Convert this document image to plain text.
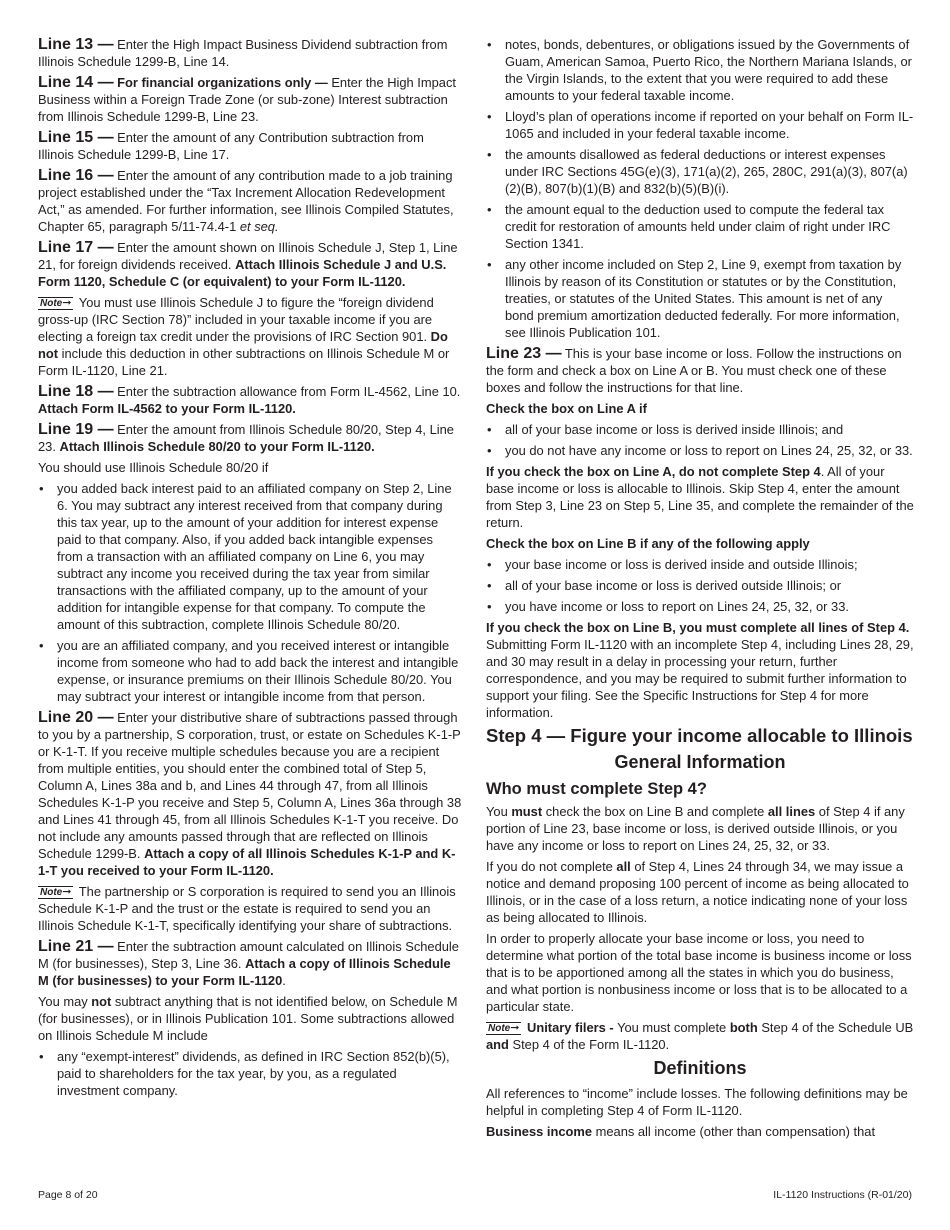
Line 13 — Enter the High Impact Business Dividend subtraction from Illinois Schedule 1299-B, Line 14.

Line 14 — For financial organizations only — Enter the High Impact Business within a Foreign Trade Zone (or sub-zone) Interest subtraction from Illinois Schedule 1299-B, Line 23.

Line 15 — Enter the amount of any Contribution subtraction from Illinois Schedule 1299-B, Line 17.

Line 16 — Enter the amount of any contribution made to a job training project established under the “Tax Increment Allocation Redevelopment Act,” as amended. For further information, see Illinois Compiled Statutes, Chapter 65, paragraph 5/11-74.4-1 et seq.

Line 17 — Enter the amount shown on Illinois Schedule J, Step 1, Line 21, for foreign dividends received. Attach Illinois Schedule J and U.S. Form 1120, Schedule C (or equivalent) to your Form IL-1120.

Note➞ You must use Illinois Schedule J to figure the “foreign dividend gross-up (IRC Section 78)” included in your taxable income if you are electing a foreign tax credit under the provisions of IRC Section 901. Do not include this deduction in other subtractions on Illinois Schedule M or Form IL-1120, Line 21.

Line 18 — Enter the subtraction allowance from Form IL-4562, Line 10. Attach Form IL-4562 to your Form IL-1120.

Line 19 — Enter the amount from Illinois Schedule 80/20, Step 4, Line 23. Attach Illinois Schedule 80/20 to your Form IL-1120.

You should use Illinois Schedule 80/20 if

• you added back interest paid to an affiliated company on Step 2, Line 6. You may subtract any interest received from that company during this tax year, up to the amount of your addition for interest expense paid to that company. Also, if you added back intangible expenses from a transaction with an affiliated company on Line 6, you may subtract any income you received during the tax year from similar transactions with the affiliated company, up to the amount of your addition for intangible expense for that company. To compute the amount of this subtraction, complete Illinois Schedule 80/20.
• you are an affiliated company, and you received interest or intangible income from someone who had to add back the interest and intangible expense, or insurance premiums on their Illinois Schedule 80/20. You may subtract your interest or intangible income from that person.

Line 20 — Enter your distributive share of subtractions passed through to you by a partnership, S corporation, trust, or estate on Schedules K-1-P or K-1-T. If you receive multiple schedules because you are a recipient from multiple entities, you should enter the combined total of Step 5, Column A, Lines 38a and b, and Lines 44 through 47, from all Illinois Schedules K-1-P you receive and Step 5, Column A, Lines 36a through 38 and Lines 41 through 45, from all Illinois Schedules K-1-T you receive. Do not include any amounts passed through that are reflected on Illinois Schedule 1299-B. Attach a copy of all Illinois Schedules K-1-P and K-1-T you received to your Form IL-1120.

Note➞ The partnership or S corporation is required to send you an Illinois Schedule K-1-P and the trust or the estate is required to send you an Illinois Schedule K-1-T, specifically identifying your share of subtractions.

Line 21 — Enter the subtraction amount calculated on Illinois Schedule M (for businesses), Step 3, Line 36. Attach a copy of Illinois Schedule M (for businesses) to your Form IL-1120.

You may not subtract anything that is not identified below, on Schedule M (for businesses), or in Illinois Publication 101. Some subtractions allowed on Illinois Schedule M include

• any “exempt-interest” dividends, as defined in IRC Section 852(b)(5), paid to shareholders for the tax year, by you, as a regulated investment company.
• notes, bonds, debentures, or obligations issued by the Governments of Guam, American Samoa, Puerto Rico, the Northern Mariana Islands, or the Virgin Islands, to the extent that you were required to add these amounts to your federal taxable income.
• Lloyd’s plan of operations income if reported on your behalf on Form IL-1065 and included in your federal taxable income.
• the amounts disallowed as federal deductions or interest expenses under IRC Sections 45G(e)(3), 171(a)(2), 265, 280C, 291(a)(3), 807(a)(2)(B), 807(b)(1)(B) and 832(b)(5)(B)(i).
• the amount equal to the deduction used to compute the federal tax credit for restoration of amounts held under claim of right under IRC Section 1341.
• any other income included on Step 2, Line 9, exempt from taxation by Illinois by reason of its Constitution or statutes or by the Constitution, treaties, or statutes of the United States. This amount is net of any bond premium amortization deducted federally. For more information, see Illinois Publication 101.

Line 23 — This is your base income or loss. Follow the instructions on the form and check a box on Line A or B. You must check one of these boxes and follow the instructions for that line.

Check the box on Line A if

• all of your base income or loss is derived inside Illinois; and
• you do not have any income or loss to report on Lines 24, 25, 32, or 33.

If you check the box on Line A, do not complete Step 4. All of your base income or loss is allocable to Illinois. Skip Step 4, enter the amount from Step 3, Line 23 on Step 5, Line 35, and complete the remainder of the return.

Check the box on Line B if any of the following apply

• your base income or loss is derived inside and outside Illinois;
• all of your base income or loss is derived outside Illinois; or
• you have income or loss to report on Lines 24, 25, 32, or 33.

If you check the box on Line B, you must complete all lines of Step 4. Submitting Form IL-1120 with an incomplete Step 4, including Lines 28, 29, and 30 may result in a delay in processing your return, further correspondence, and you may be required to submit further information to support your filing. See the Specific Instructions for Step 4 for more information.

Step 4 — Figure your income allocable to Illinois
General Information
Who must complete Step 4?

You must check the box on Line B and complete all lines of Step 4 if any portion of Line 23, base income or loss, is derived outside Illinois, or you have any income or loss to report on Lines 24, 25, 32, or 33.

If you do not complete all of Step 4, Lines 24 through 34, we may issue a notice and demand proposing 100 percent of income as being allocated to Illinois, or in the case of a loss return, a notice indicating none of your loss as being allocated to Illinois.

In order to properly allocate your base income or loss, you need to determine what portion of the total base income is business income or loss that is to be apportioned among all the states in which you do business, and what portion is nonbusiness income or loss that is to be allocated to a particular state.

Note➞ Unitary filers - You must complete both Step 4 of the Schedule UB and Step 4 of the Form IL-1120.

Definitions

All references to “income” include losses. The following definitions may be helpful in completing Step 4 of Form IL-1120.

Business income means all income (other than compensation) that

Page 8 of 20	IL-1120 Instructions (R-01/20)
